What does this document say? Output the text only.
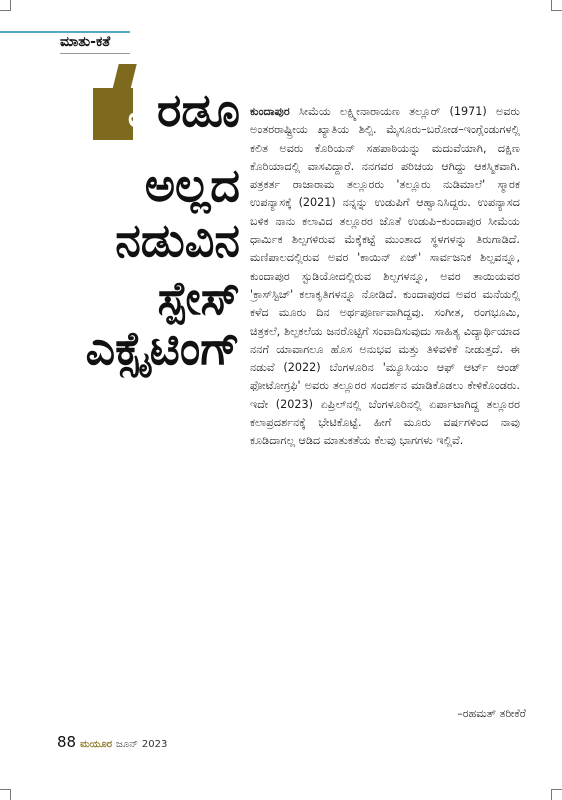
ಮಾತು-ಕತೆ
ಎರಡೂ
ಅಲ್ಲದ
ನಡುವಿನ
ಸ್ಪೇಸ್
ಎಕ್ಸೈಟಿಂಗ್

ಕುಂದಾಪುರ ಸೀಮೆಯ ಲಕ್ಷ್ಮೀನಾರಾಯಣ ತಲ್ಲೂರ್ (1971) ಅವರು ಅಂತರರಾಷ್ಟ್ರೀಯ ಖ್ಯಾತಿಯ ಶಿಲ್ಪಿ. ಮೈಸೂರು–ಬರೋಡ–ಇಂಗ್ಲೆಂಡುಗಳಲ್ಲಿ ಕಲಿತ ಅವರು ಕೊರಿಯನ್ ಸಹಪಾಠಿಯನ್ನು ಮದುವೆಯಾಗಿ, ದಕ್ಷಿಣ ಕೊರಿಯಾದಲ್ಲಿ ವಾಸವಿದ್ದಾರೆ. ನನಗವರ ಪರಿಚಯ ಆಗಿದ್ದು ಆಕಸ್ಮಿಕವಾಗಿ. ಪತ್ರಕರ್ತ ರಾಜಾರಾಮ ತಲ್ಲೂರರು 'ತಲ್ಲೂರು ನುಡಿಮಾಲೆ' ಸ್ಮಾರಕ ಉಪನ್ಯಾಸಕ್ಕೆ (2021) ನನ್ನನ್ನು ಉಡುಪಿಗೆ ಆಹ್ವಾನಿಸಿದ್ದರು. ಉಪನ್ಯಾಸದ ಬಳಿಕ ನಾನು ಕಲಾವಿದ ತಲ್ಲೂರರ ಜೊತೆ ಉಡುಪಿ–ಕುಂದಾಪುರ ಸೀಮೆಯ ಧಾರ್ಮಿಕ ಶಿಲ್ಪಗಳಿರುವ ಮೆಕ್ಕೆಕಟ್ಟೆ ಮುಂತಾದ ಸ್ಥಳಗಳನ್ನು ತಿರುಗಾಡಿದೆ. ಮಣಿಪಾಲದಲ್ಲಿರುವ ಅವರ 'ಕಾಯಿನ್ ಏಜ್' ಸಾರ್ವಜನಿಕ ಶಿಲ್ಪವನ್ನೂ, ಕುಂದಾಪುರ ಸ್ಟುಡಿಯೋದಲ್ಲಿರುವ ಶಿಲ್ಪಗಳನ್ನೂ, ಅವರ ತಾಯಿಯವರ 'ಕ್ರಾಸ್‌ಸ್ಟಿಚ್' ಕಲಾಕೃತಿಗಳನ್ನೂ ನೋಡಿದೆ. ಕುಂದಾಪುರದ ಅವರ ಮನೆಯಲ್ಲಿ ಕಳೆದ ಮೂರು ದಿನ ಅರ್ಥಪೂರ್ಣವಾಗಿದ್ದವು. ಸಂಗೀತ, ರಂಗಭೂಮಿ, ಚಿತ್ರಕಲೆ, ಶಿಲ್ಪಕಲೆಯ ಜನರೊಟ್ಟಿಗೆ ಸಂವಾದಿಸುವುದು ಸಾಹಿತ್ಯ ವಿದ್ಯಾರ್ಥಿಯಾದ ನನಗೆ ಯಾವಾಗಲೂ ಹೊಸ ಅನುಭವ ಮತ್ತು ತಿಳಿವಳಿಕೆ ನೀಡುತ್ತದೆ. ಈ ನಡುವೆ (2022) ಬೆಂಗಳೂರಿನ 'ಮ್ಯೂಸಿಯಂ ಆಫ್ ಆರ್ಟ್ ಆಂಡ್ ಫೋಟೋಗ್ರಫಿ' ಅವರು ತಲ್ಲೂರರ ಸಂದರ್ಶನ ಮಾಡಿಕೊಡಲು ಕೇಳಿಕೊಂಡರು. ಇದೇ (2023) ಏಪ್ರಿಲ್‌ನಲ್ಲಿ ಬೆಂಗಳೂರಿನಲ್ಲಿ ಏರ್ಪಾಟಾಗಿದ್ದ ತಲ್ಲೂರರ ಕಲಾಪ್ರದರ್ಶನಕ್ಕೆ ಭೇಟಿಕೊಟ್ಟೆ. ಹೀಗೆ ಮೂರು ವರ್ಷಗಳಿಂದ ನಾವು ಕೂಡಿದಾಗಲ್ಲ ಆಡಿದ ಮಾತುಕತೆಯ ಕೆಲವು ಭಾಗಗಳು ಇಲ್ಲಿವೆ.

–ರಹಮತ್ ತರೀಕೆರೆ
88 ಮಯೂರ ಜೂನ್ 2023
